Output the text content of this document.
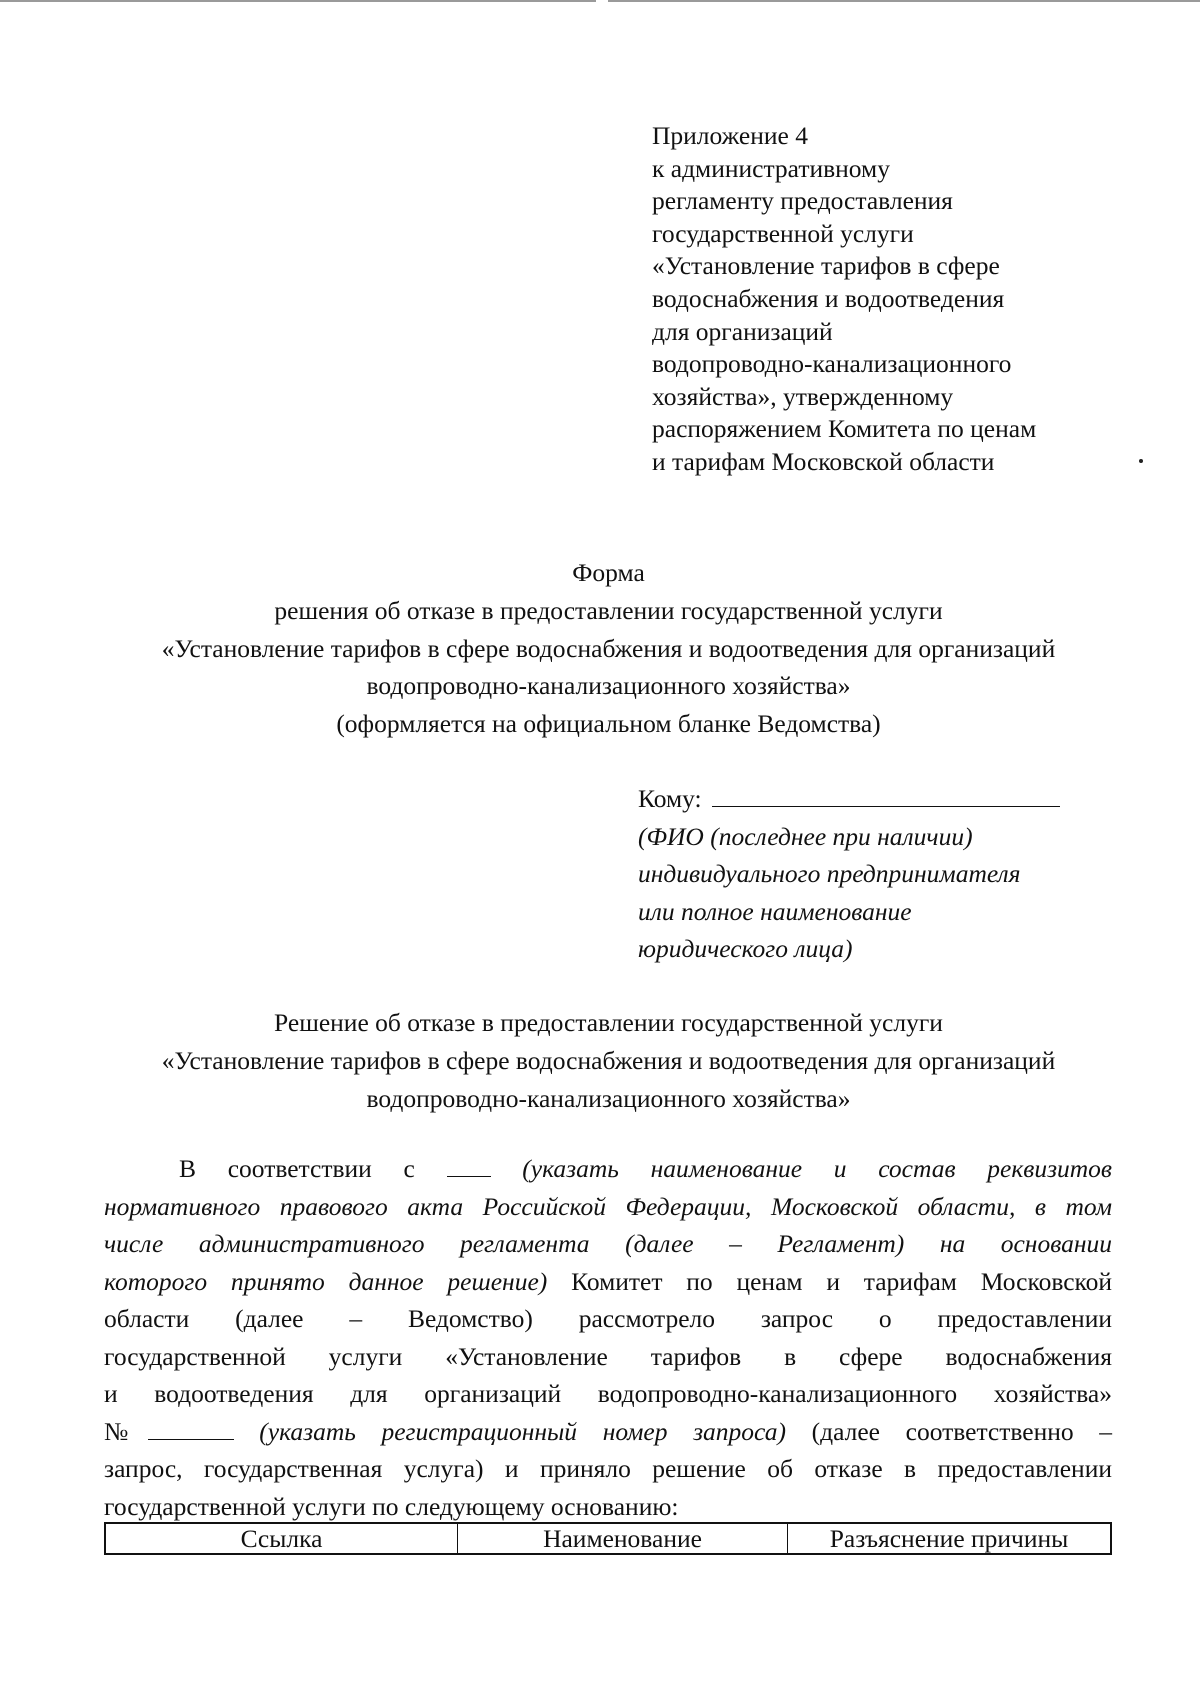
Приложение 4
к административному
регламенту предоставления
государственной услуги
«Установление тарифов в сфере
водоснабжения и водоотведения
для организаций
водопроводно-канализационного
хозяйства», утвержденному
распоряжением Комитета по ценам
и тарифам Московской области
Форма
решения об отказе в предоставлении государственной услуги
«Установление тарифов в сфере водоснабжения и водоотведения для организаций
водопроводно-канализационного хозяйства»
(оформляется на официальном бланке Ведомства)
Кому:
(ФИО (последнее при наличии)
индивидуального предпринимателя
или полное наименование
юридического лица)
Решение об отказе в предоставлении государственной услуги
«Установление тарифов в сфере водоснабжения и водоотведения для организаций
водопроводно-канализационного хозяйства»
В соответствии с	(указать наименование и состав реквизитов
нормативного правового акта Российской Федерации, Московской области, в том
числе административного регламента (далее – Регламент) на основании
которого принято данное решение) Комитет по ценам и тарифам Московской
области (далее – Ведомство) рассмотрело запрос о предоставлении
государственной услуги «Установление тарифов в сфере водоснабжения
и водоотведения для организаций водопроводно-канализационного хозяйства»
№	(указать регистрационный номер запроса) (далее соответственно –
запрос, государственная услуга) и приняло решение об отказе в предоставлении
государственной услуги по следующему основанию:
Ссылка	Наименование	Разъяснение причины
